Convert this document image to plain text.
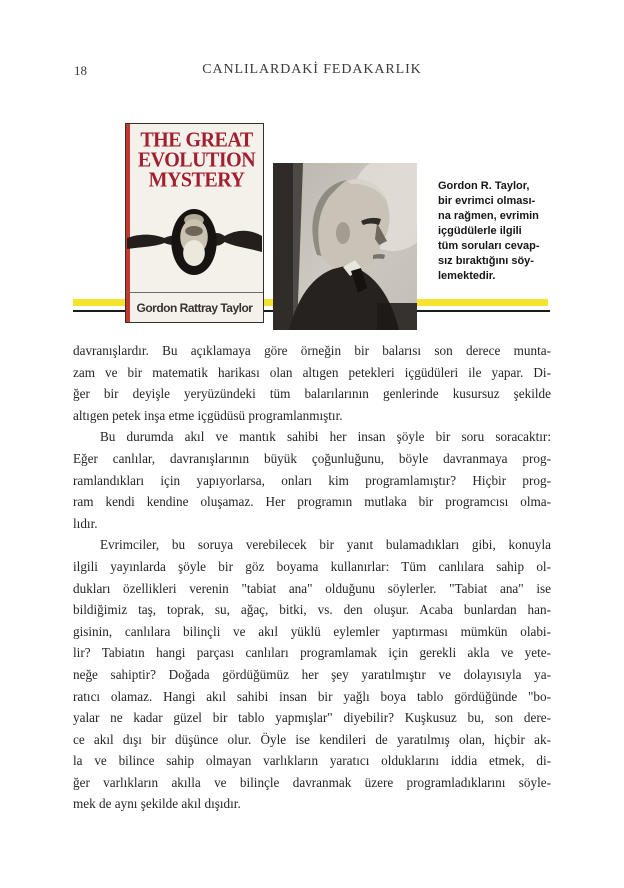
18	CANLILARDAKİ FEDAKARLIK
THE GREAT
EVOLUTION
MYSTERY
Gordon Rattray Taylor
Gordon R. Taylor,
bir evrimci olması-
na rağmen, evrimin
içgüdülerle ilgili
tüm soruları cevap-
sız bıraktığını söy-
lemektedir.
davranışlardır. Bu açıklamaya göre örneğin bir balarısı son derece munta-
zam ve bir matematik harikası olan altıgen petekleri içgüdüleri ile yapar. Di-
ğer bir deyişle yeryüzündeki tüm balarılarının genlerinde kusursuz şekilde
altıgen petek inşa etme içgüdüsü programlanmıştır.
Bu durumda akıl ve mantık sahibi her insan şöyle bir soru soracaktır:
Eğer canlılar, davranışlarının büyük çoğunluğunu, böyle davranmaya prog-
ramlandıkları için yapıyorlarsa, onları kim programlamıştır? Hiçbir prog-
ram kendi kendine oluşamaz. Her programın mutlaka bir programcısı olma-
lıdır.
Evrimciler, bu soruya verebilecek bir yanıt bulamadıkları gibi, konuyla
ilgili yayınlarda şöyle bir göz boyama kullanırlar: Tüm canlılara sahip ol-
dukları özellikleri verenin "tabiat ana" olduğunu söylerler. "Tabiat ana" ise
bildiğimiz taş, toprak, su, ağaç, bitki, vs. den oluşur. Acaba bunlardan han-
gisinin, canlılara bilinçli ve akıl yüklü eylemler yaptırması mümkün olabi-
lir? Tabiatın hangi parçası canlıları programlamak için gerekli akla ve yete-
neğe sahiptir? Doğada gördüğümüz her şey yaratılmıştır ve dolayısıyla ya-
ratıcı olamaz. Hangi akıl sahibi insan bir yağlı boya tablo gördüğünde "bo-
yalar ne kadar güzel bir tablo yapmışlar" diyebilir? Kuşkusuz bu, son dere-
ce akıl dışı bir düşünce olur. Öyle ise kendileri de yaratılmış olan, hiçbir ak-
la ve bilince sahip olmayan varlıkların yaratıcı olduklarını iddia etmek, di-
ğer varlıkların akılla ve bilinçle davranmak üzere programladıklarını söyle-
mek de aynı şekilde akıl dışıdır.
